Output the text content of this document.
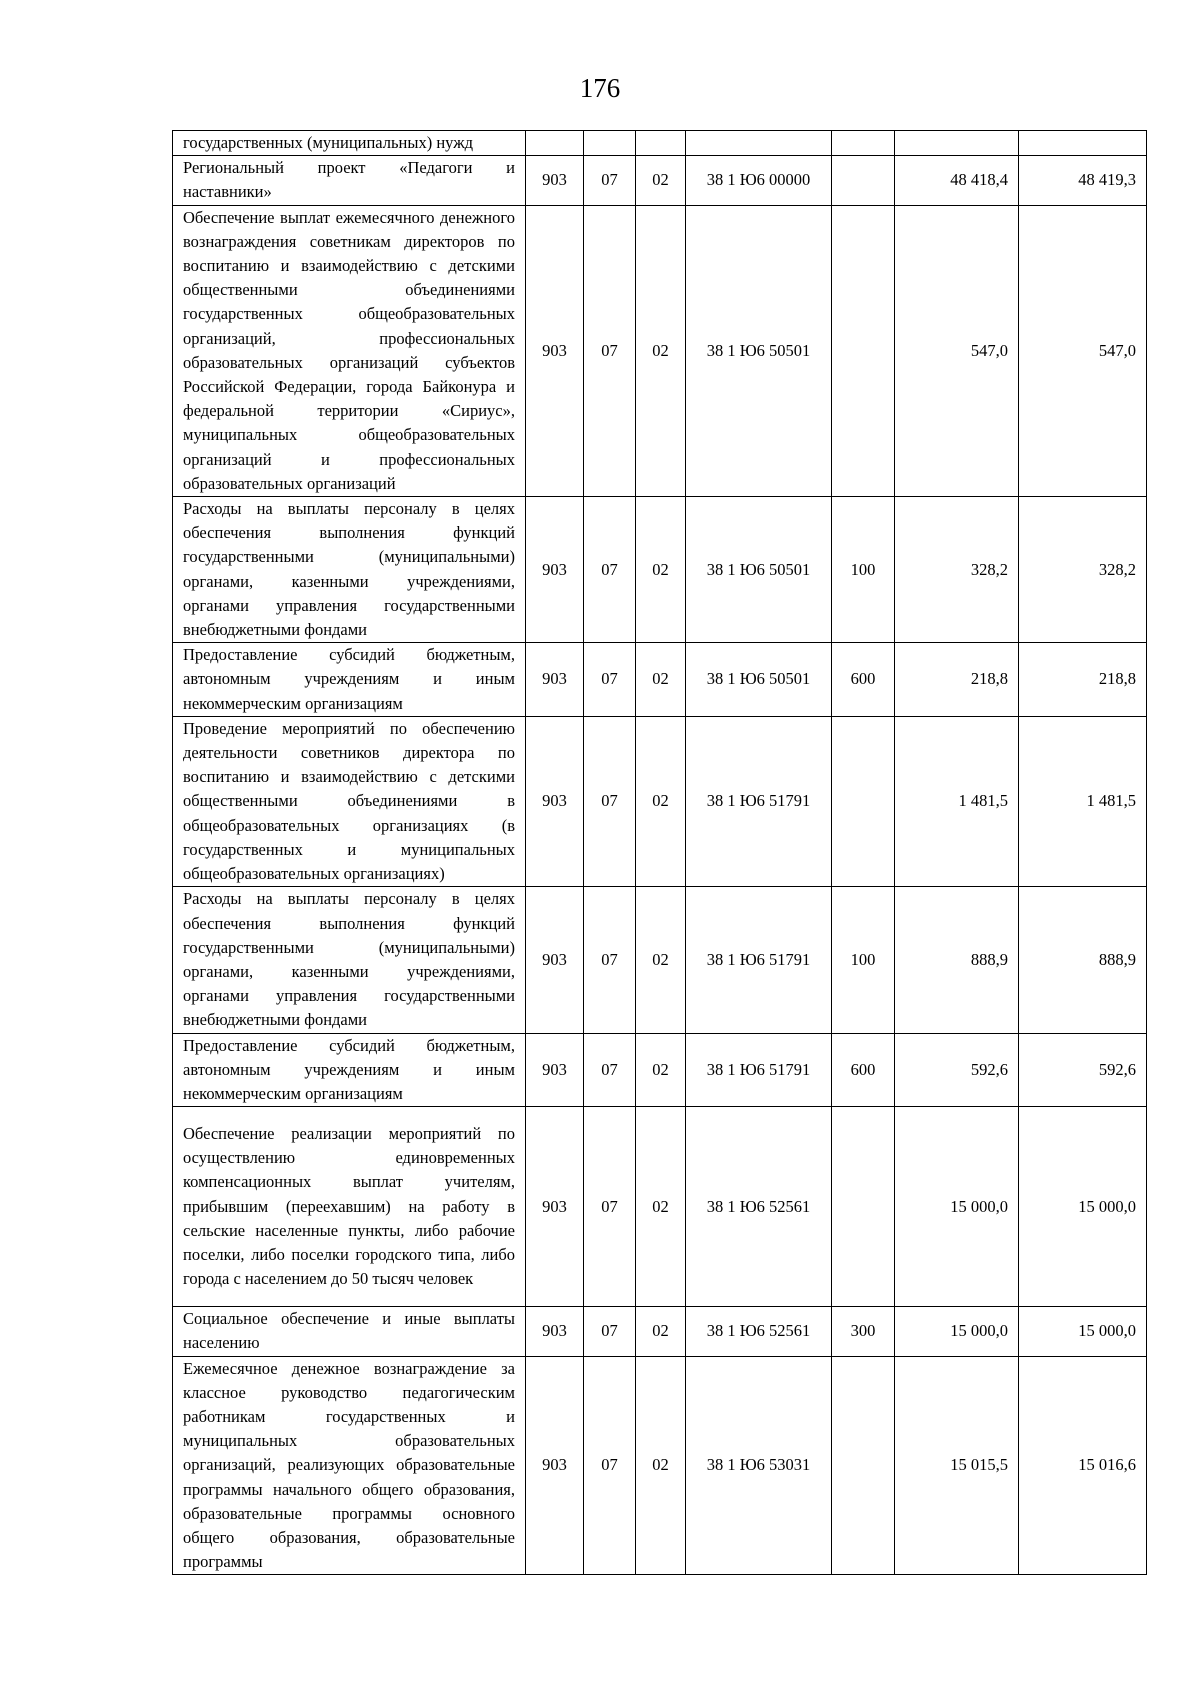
176
государственных (муниципальных) нужд							
Региональный проект «Педагоги и наставники»	903	07	02	38 1 Ю6 00000		48 418,4	48 419,3
Обеспечение выплат ежемесячного денежного вознаграждения советникам директоров по воспитанию и взаимодействию с детскими общественными объединениями государственных общеобразовательных организаций, профессиональных образовательных организаций субъектов Российской Федерации, города Байконура и федеральной территории «Сириус», муниципальных общеобразовательных организаций и профессиональных образовательных организаций	903	07	02	38 1 Ю6 50501		547,0	547,0
Расходы на выплаты персоналу в целях обеспечения выполнения функций государственными (муниципальными) органами, казенными учреждениями, органами управления государственными внебюджетными фондами	903	07	02	38 1 Ю6 50501	100	328,2	328,2
Предоставление субсидий бюджетным, автономным учреждениям и иным некоммерческим организациям	903	07	02	38 1 Ю6 50501	600	218,8	218,8
Проведение мероприятий по обеспечению деятельности советников директора по воспитанию и взаимодействию с детскими общественными объединениями в общеобразовательных организациях (в государственных и муниципальных общеобразовательных организациях)	903	07	02	38 1 Ю6 51791		1 481,5	1 481,5
Расходы на выплаты персоналу в целях обеспечения выполнения функций государственными (муниципальными) органами, казенными учреждениями, органами управления государственными внебюджетными фондами	903	07	02	38 1 Ю6 51791	100	888,9	888,9
Предоставление субсидий бюджетным, автономным учреждениям и иным некоммерческим организациям	903	07	02	38 1 Ю6 51791	600	592,6	592,6
Обеспечение реализации мероприятий по осуществлению единовременных компенсационных выплат учителям, прибывшим (переехавшим) на работу в сельские населенные пункты, либо рабочие поселки, либо поселки городского типа, либо города с населением до 50 тысяч человек	903	07	02	38 1 Ю6 52561		15 000,0	15 000,0
Социальное обеспечение и иные выплаты населению	903	07	02	38 1 Ю6 52561	300	15 000,0	15 000,0
Ежемесячное денежное вознаграждение за классное руководство педагогическим работникам государственных и муниципальных образовательных организаций, реализующих образовательные программы начального общего образования, образовательные программы основного общего образования, образовательные программы	903	07	02	38 1 Ю6 53031		15 015,5	15 016,6
